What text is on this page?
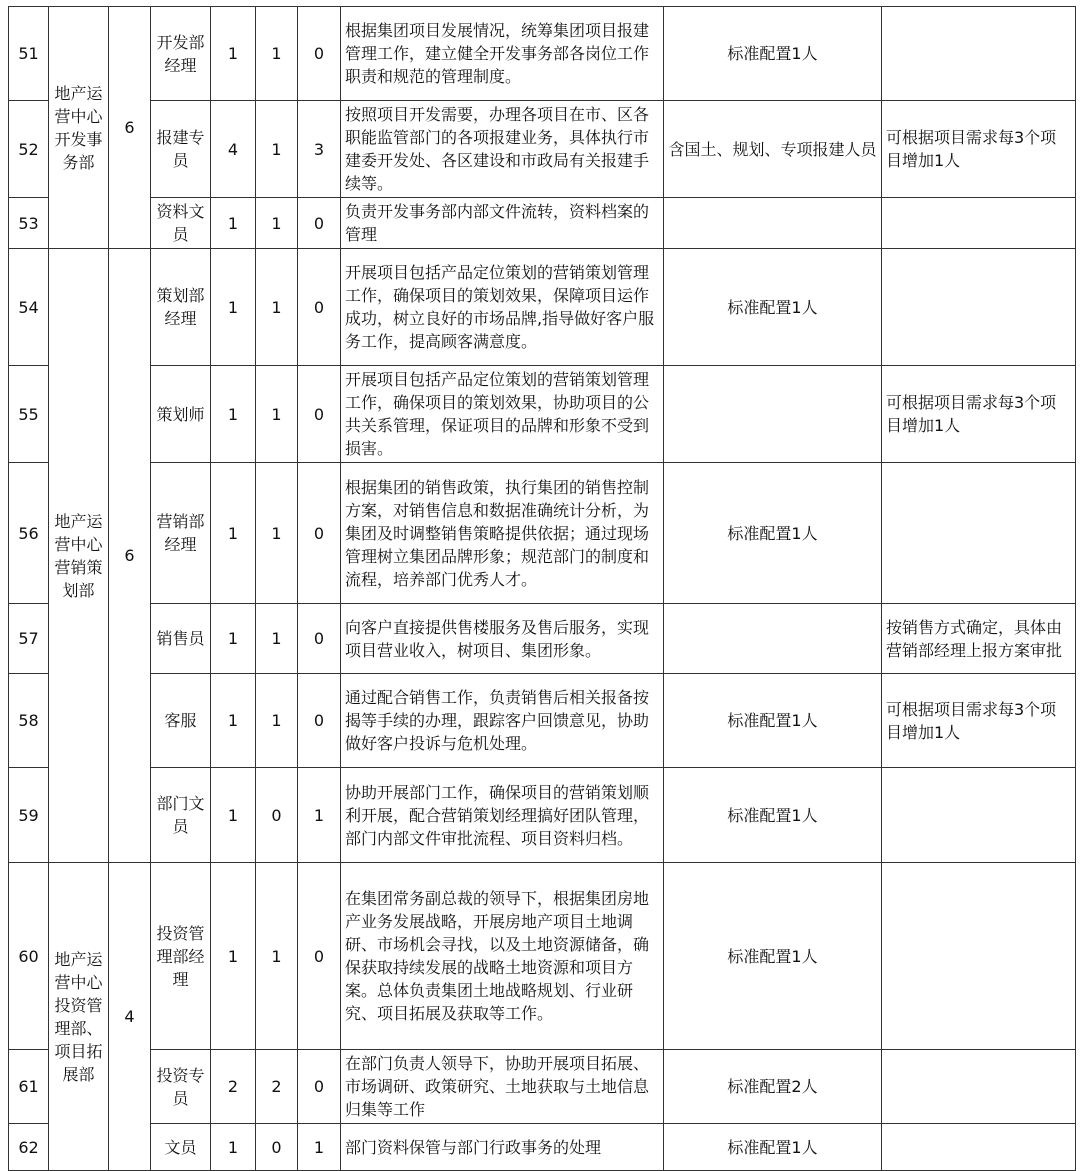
51	地产运营中心开发事务部	6	开发部经理	1	1	0	根据集团项目发展情况，统筹集团项目报建管理工作，建立健全开发事务部各岗位工作职责和规范的管理制度。	标准配置1人	
52			报建专员	4	1	3	按照项目开发需要，办理各项目在市、区各职能监管部门的各项报建业务，具体执行市建委开发处、各区建设和市政局有关报建手续等。	含国土、规划、专项报建人员	可根据项目需求每3个项目增加1人
53			资料文员	1	1	0	负责开发事务部内部文件流转，资料档案的管理		
54	地产运营中心营销策划部	6	策划部经理	1	1	0	开展项目包括产品定位策划的营销策划管理工作，确保项目的策划效果，保障项目运作成功，树立良好的市场品牌,指导做好客户服务工作，提高顾客满意度。	标准配置1人	
55			策划师	1	1	0	开展项目包括产品定位策划的营销策划管理工作，确保项目的策划效果，协助项目的公共关系管理，保证项目的品牌和形象不受到损害。		可根据项目需求每3个项目增加1人
56			营销部经理	1	1	0	根据集团的销售政策，执行集团的销售控制方案，对销售信息和数据准确统计分析，为集团及时调整销售策略提供依据；通过现场管理树立集团品牌形象；规范部门的制度和流程，培养部门优秀人才。	标准配置1人	
57			销售员	1	1	0	向客户直接提供售楼服务及售后服务，实现项目营业收入，树项目、集团形象。		按销售方式确定，具体由营销部经理上报方案审批
58			客服	1	1	0	通过配合销售工作，负责销售后相关报备按揭等手续的办理，跟踪客户回馈意见，协助做好客户投诉与危机处理。	标准配置1人	可根据项目需求每3个项目增加1人
59			部门文员	1	0	1	协助开展部门工作，确保项目的营销策划顺利开展，配合营销策划经理搞好团队管理，部门内部文件审批流程、项目资料归档。	标准配置1人	
60	地产运营中心投资管理部、项目拓展部	4	投资管理部经理	1	1	0	在集团常务副总裁的领导下，根据集团房地产业务发展战略，开展房地产项目土地调研、市场机会寻找，以及土地资源储备，确保获取持续发展的战略土地资源和项目方案。总体负责集团土地战略规划、行业研究、项目拓展及获取等工作。	标准配置1人	
61			投资专员	2	2	0	在部门负责人领导下，协助开展项目拓展、市场调研、政策研究、土地获取与土地信息归集等工作	标准配置2人	
62			文员	1	0	1	部门资料保管与部门行政事务的处理	标准配置1人	
